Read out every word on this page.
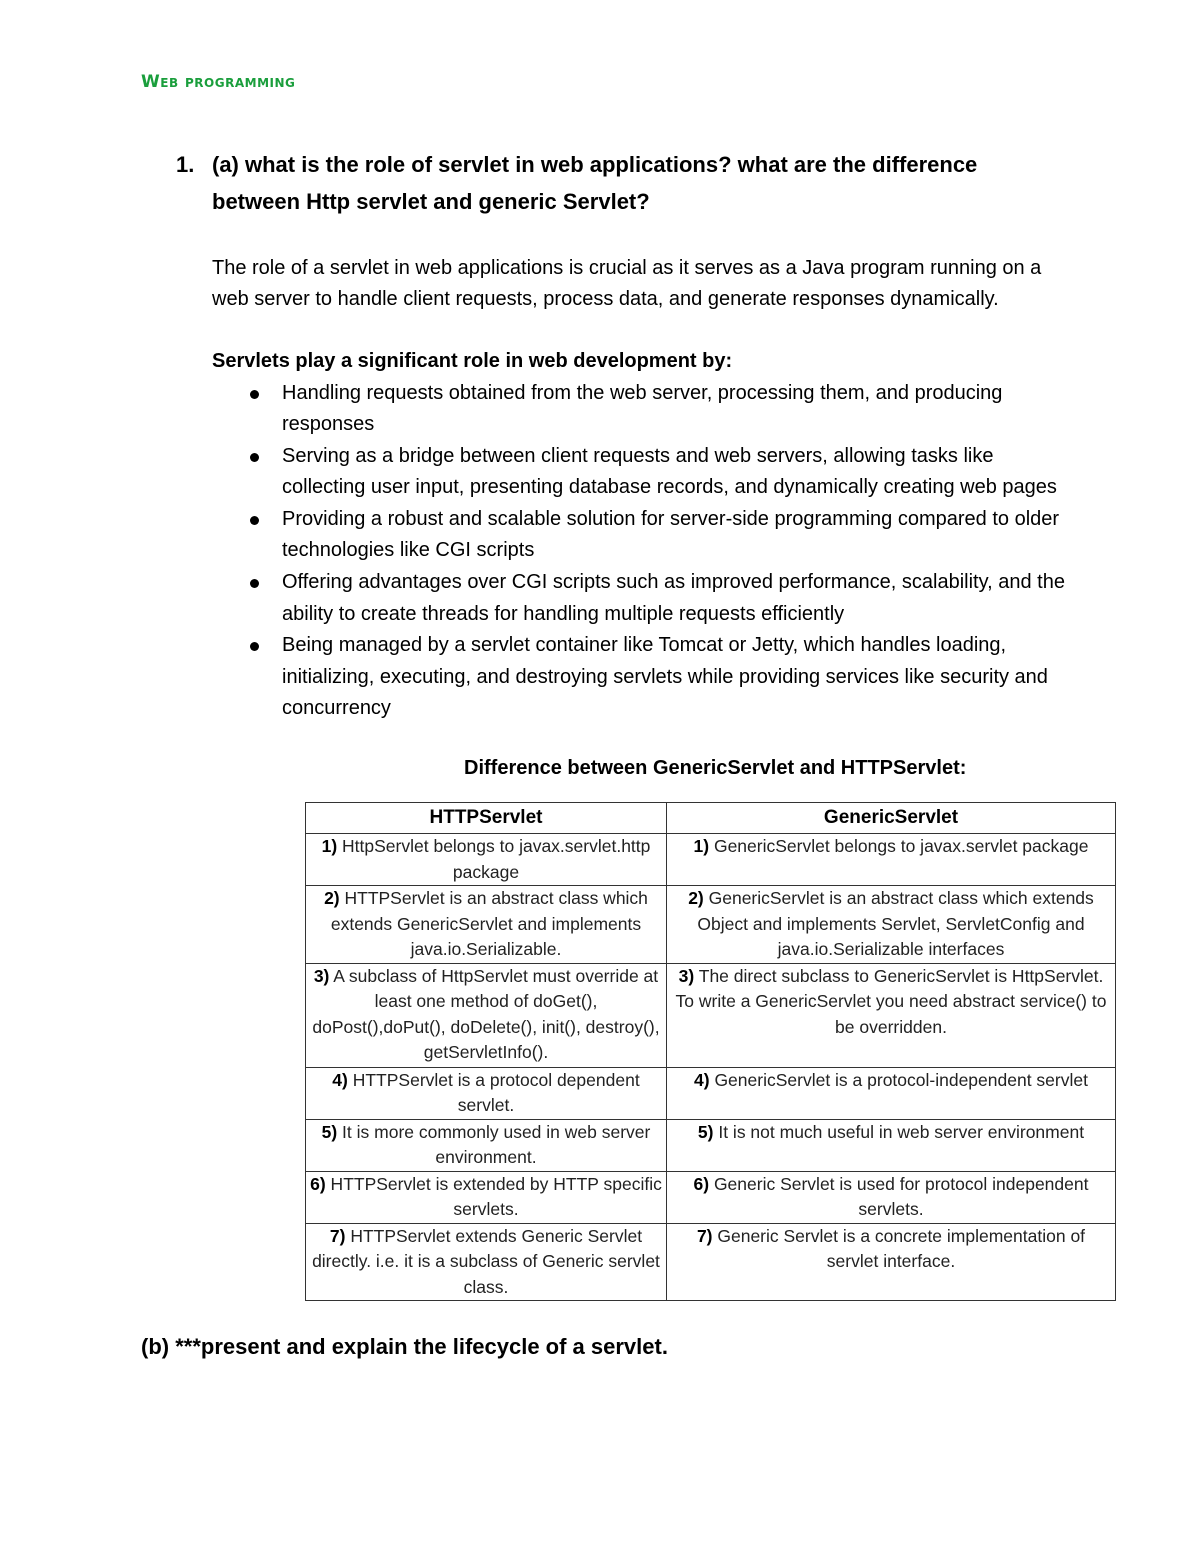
Web programming
1. (a) what is the role of servlet in web applications? what are the difference between Http servlet and generic Servlet?
The role of a servlet in web applications is crucial as it serves as a Java program running on a web server to handle client requests, process data, and generate responses dynamically.
Servlets play a significant role in web development by:
Handling requests obtained from the web server, processing them, and producing responses
Serving as a bridge between client requests and web servers, allowing tasks like collecting user input, presenting database records, and dynamically creating web pages
Providing a robust and scalable solution for server-side programming compared to older technologies like CGI scripts
Offering advantages over CGI scripts such as improved performance, scalability, and the ability to create threads for handling multiple requests efficiently
Being managed by a servlet container like Tomcat or Jetty, which handles loading, initializing, executing, and destroying servlets while providing services like security and concurrency
Difference between GenericServlet and HTTPServlet:
HTTPServlet	GenericServlet
1) HttpServlet belongs to javax.servlet.http package	1) GenericServlet belongs to javax.servlet package
2) HTTPServlet is an abstract class which extends GenericServlet and implements java.io.Serializable.	2) GenericServlet is an abstract class which extends Object and implements Servlet, ServletConfig and java.io.Serializable interfaces
3) A subclass of HttpServlet must override at least one method of doGet(), doPost(),doPut(), doDelete(), init(), destroy(), getServletInfo().	3) The direct subclass to GenericServlet is HttpServlet. To write a GenericServlet you need abstract service() to be overridden.
4) HTTPServlet is a protocol dependent servlet.	4) GenericServlet is a protocol-independent servlet
5) It is more commonly used in web server environment.	5) It is not much useful in web server environment
6) HTTPServlet is extended by HTTP specific servlets.	6) Generic Servlet is used for protocol independent servlets.
7) HTTPServlet extends Generic Servlet directly. i.e. it is a subclass of Generic servlet class.	7) Generic Servlet is a concrete implementation of servlet interface.
(b) ***present and explain the lifecycle of a servlet.
